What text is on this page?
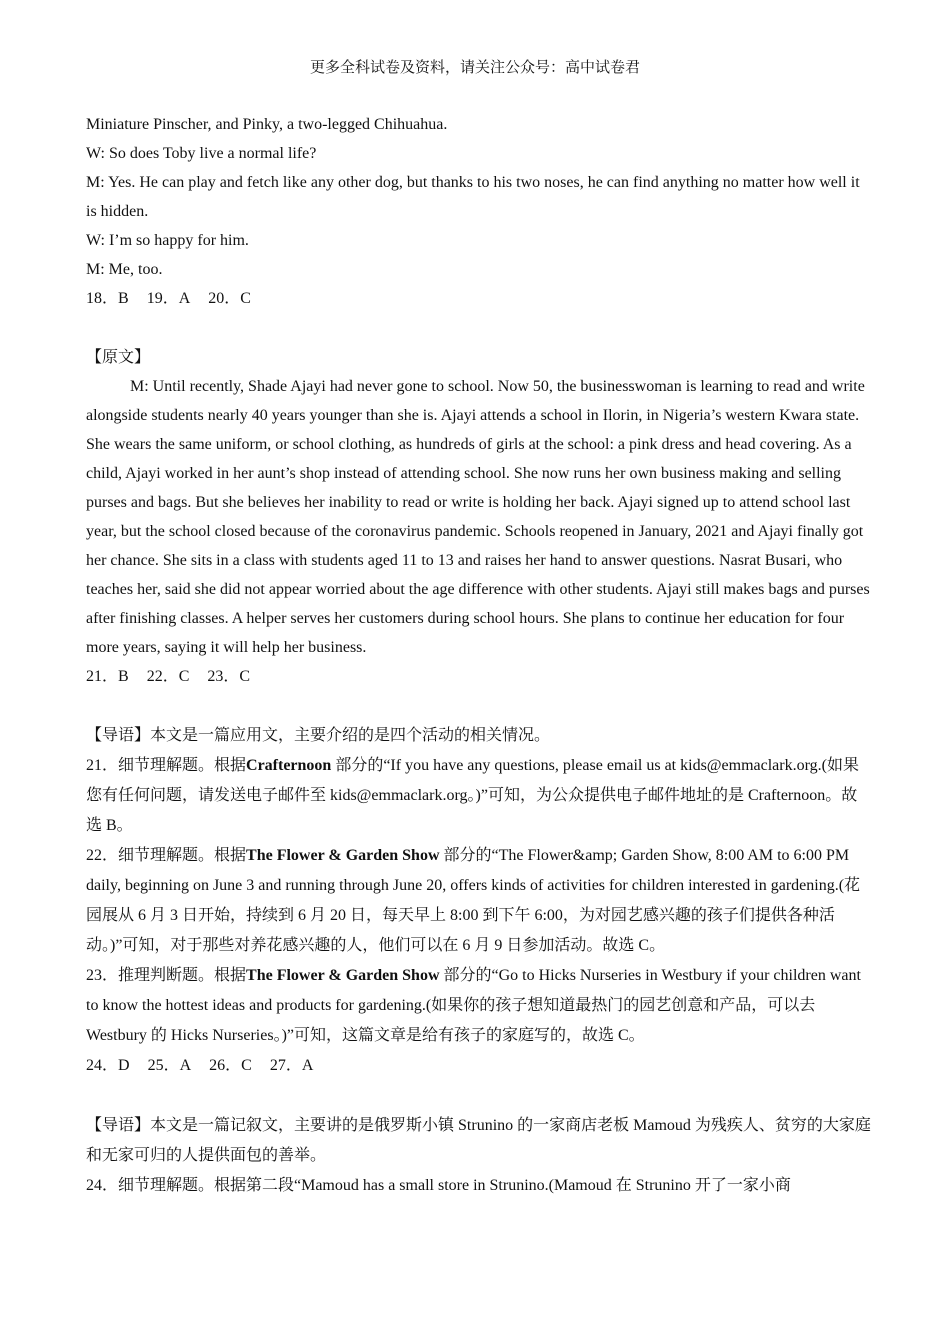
更多全科试卷及资料，请关注公众号：高中试卷君

Miniature Pinscher, and Pinky, a two-legged Chihuahua.

W: So does Toby live a normal life?

M: Yes. He can play and fetch like any other dog, but thanks to his two noses, he can find anything no matter how well it is hidden.

W: I’m so happy for him.

M: Me, too.

18．B 19．A 20．C

【原文】

M: Until recently, Shade Ajayi had never gone to school. Now 50, the businesswoman is learning to read and write alongside students nearly 40 years younger than she is. Ajayi attends a school in Ilorin, in Nigeria’s western Kwara state. She wears the same uniform, or school clothing, as hundreds of girls at the school: a pink dress and head covering. As a child, Ajayi worked in her aunt’s shop instead of attending school. She now runs her own business making and selling purses and bags. But she believes her inability to read or write is holding her back. Ajayi signed up to attend school last year, but the school closed because of the coronavirus pandemic. Schools reopened in January, 2021 and Ajayi finally got her chance. She sits in a class with students aged 11 to 13 and raises her hand to answer questions. Nasrat Busari, who teaches her, said she did not appear worried about the age difference with other students. Ajayi still makes bags and purses after finishing classes. A helper serves her customers during school hours. She plans to continue her education for four more years, saying it will help her business.

21．B 22．C 23．C

【导语】本文是一篇应用文，主要介绍的是四个活动的相关情况。

21．细节理解题。根据Crafternoon 部分的“If you have any questions, please email us at kids@emmaclark.org.(如果您有任何问题，请发送电子邮件至 kids@emmaclark.org。)”可知，为公众提供电子邮件地址的是 Crafternoon。故选 B。

22．细节理解题。根据The Flower & Garden Show 部分的“The Flower&amp; Garden Show, 8:00 AM to 6:00 PM daily, beginning on June 3 and running through June 20, offers kinds of activities for children interested in gardening.(花园展从 6 月 3 日开始，持续到 6 月 20 日，每天早上 8:00 到下午 6:00，为对园艺感兴趣的孩子们提供各种活动。)”可知，对于那些对养花感兴趣的人，他们可以在 6 月 9 日参加活动。故选 C。

23．推理判断题。根据The Flower & Garden Show 部分的“Go to Hicks Nurseries in Westbury if your children want to know the hottest ideas and products for gardening.(如果你的孩子想知道最热门的园艺创意和产品，可以去 Westbury 的 Hicks Nurseries。)”可知，这篇文章是给有孩子的家庭写的，故选 C。

24．D 25．A 26．C 27．A

【导语】本文是一篇记叙文，主要讲的是俄罗斯小镇 Strunino 的一家商店老板 Mamoud 为残疾人、贫穷的大家庭和无家可归的人提供面包的善举。

24．细节理解题。根据第二段“Mamoud has a small store in Strunino.(Mamoud 在 Strunino 开了一家小商
